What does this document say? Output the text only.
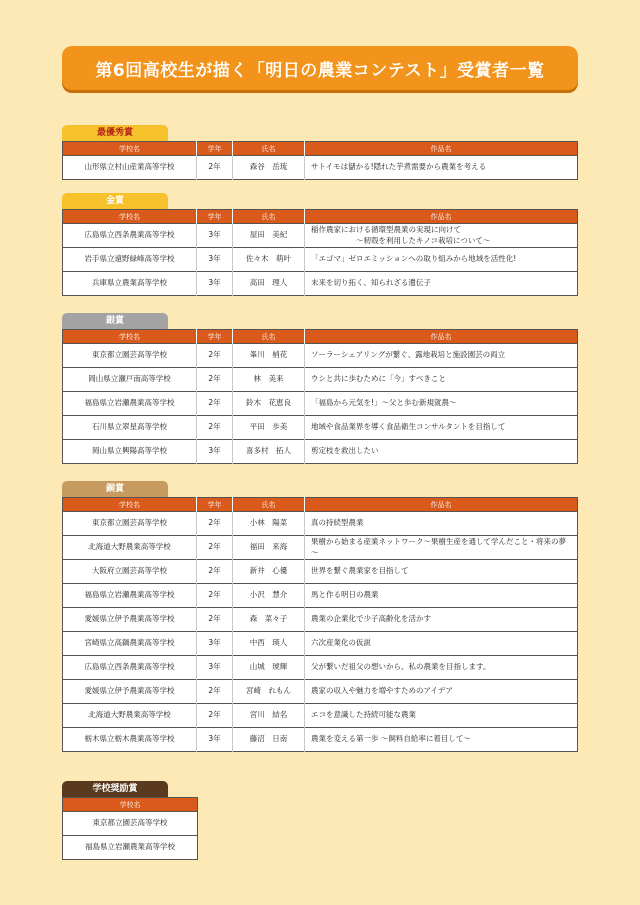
第6回高校生が描く「明日の農業コンテスト」受賞者一覧
最優秀賞
学校名	学年	氏名	作品名
山形県立村山産業高等学校	2年	森谷　岳琉	サトイモは儲かる!隠れた芋煮需要から農業を考える
金賞
学校名	学年	氏名	作品名
広島県立西条農業高等学校	3年	屋田　美紀	稲作農家における循環型農業の実現に向けて
　　　　　　～籾殻を利用したキノコ栽培について～
岩手県立遠野緑峰高等学校	3年	佐々木　萌叶	「エゴマ」ゼロエミッションへの取り組みから地域を活性化!
兵庫県立農業高等学校	3年	高田　理人	未来を切り拓く、知られざる遺伝子
銀賞
学校名	学年	氏名	作品名
東京都立園芸高等学校	2年	峯川　梢花	ソーラーシェアリングが繋ぐ、露地栽培と施設園芸の両立
岡山県立瀬戸南高等学校	2年	林　美来	ウシと共に歩むために「今」すべきこと
福島県立岩瀬農業高等学校	2年	鈴木　花恵良	「福島から元気を!」～父と歩む新規就農～
石川県立翠星高等学校	2年	平田　歩美	地域や食品業界を導く食品衛生コンサルタントを目指して
岡山県立興陽高等学校	3年	喜多村　拓人	剪定枝を救出したい
銅賞
学校名	学年	氏名	作品名
東京都立園芸高等学校	2年	小林　陽菜	真の持続型農業
北海道大野農業高等学校	2年	福田　来海	果樹から始まる産業ネットワーク～果樹生産を通して学んだこと・将来の夢～
大阪府立園芸高等学校	2年	新井　心優	世界を繋ぐ農業家を目指して
福島県立岩瀬農業高等学校	2年	小沢　慧介	馬と作る明日の農業
愛媛県立伊予農業高等学校	2年	森　菜々子	農業の企業化で少子高齢化を活かす
宮崎県立高鍋農業高等学校	3年	中西　瑛人	六次産業化の仮説
広島県立西条農業高等学校	3年	山城　琥輝	父が繋いだ祖父の想いから、私の農業を目指します。
愛媛県立伊予農業高等学校	2年	宮崎　れもん	農家の収入や魅力を増やすためのアイデア
北海道大野農業高等学校	2年	宮川　結名	エコを意識した持続可能な農業
栃木県立栃木農業高等学校	3年	藤沼　日南	農業を変える第一歩 ～飼料自給率に着目して～
学校奨励賞
学校名
東京都立園芸高等学校
福島県立岩瀬農業高等学校
